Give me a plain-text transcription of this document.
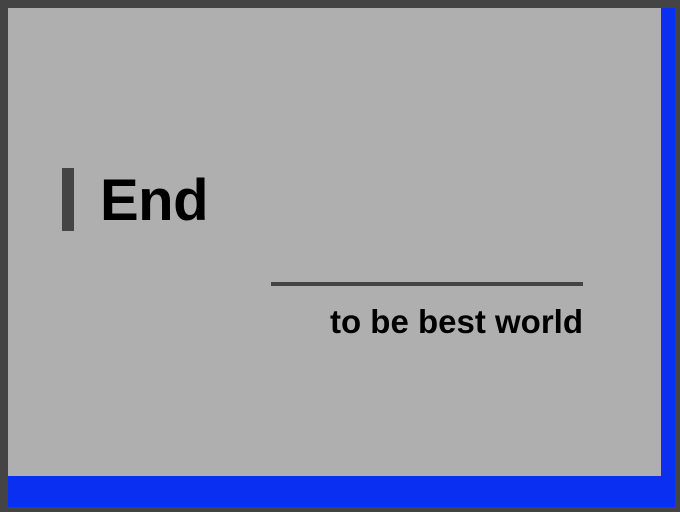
End
to be best world
